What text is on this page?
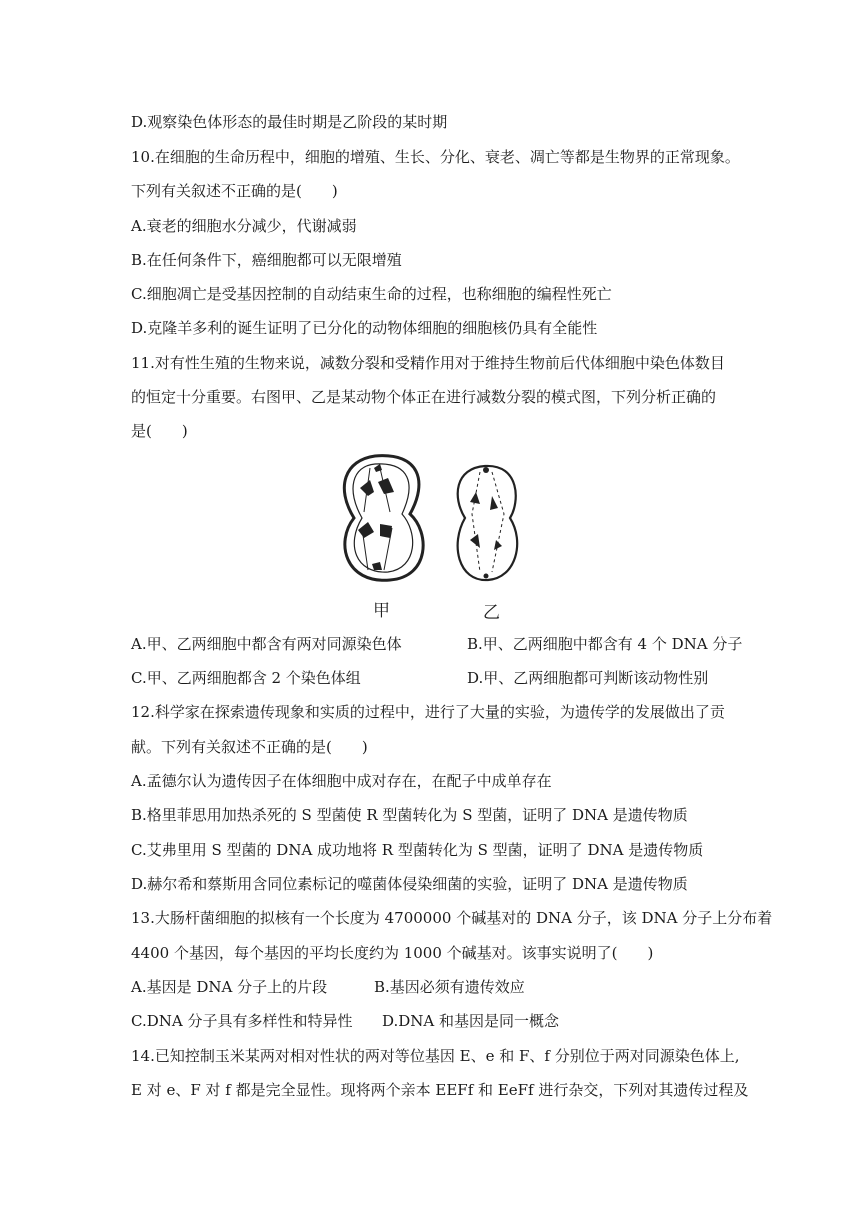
D.观察染色体形态的最佳时期是乙阶段的某时期
10.在细胞的生命历程中，细胞的增殖、生长、分化、衰老、凋亡等都是生物界的正常现象。
下列有关叙述不正确的是(　　)
A.衰老的细胞水分减少，代谢减弱
B.在任何条件下，癌细胞都可以无限增殖
C.细胞凋亡是受基因控制的自动结束生命的过程，也称细胞的编程性死亡
D.克隆羊多利的诞生证明了已分化的动物体细胞的细胞核仍具有全能性
11.对有性生殖的生物来说，减数分裂和受精作用对于维持生物前后代体细胞中染色体数目
的恒定十分重要。右图甲、乙是某动物个体正在进行减数分裂的模式图，下列分析正确的
是(　　)
甲	乙
A.甲、乙两细胞中都含有两对同源染色体	B.甲、乙两细胞中都含有 4 个 DNA 分子
C.甲、乙两细胞都含 2 个染色体组	D.甲、乙两细胞都可判断该动物性别
12.科学家在探索遗传现象和实质的过程中，进行了大量的实验，为遗传学的发展做出了贡
献。下列有关叙述不正确的是(　　)
A.孟德尔认为遗传因子在体细胞中成对存在，在配子中成单存在
B.格里菲思用加热杀死的 S 型菌使 R 型菌转化为 S 型菌，证明了 DNA 是遗传物质
C.艾弗里用 S 型菌的 DNA 成功地将 R 型菌转化为 S 型菌，证明了 DNA 是遗传物质
D.赫尔希和蔡斯用含同位素标记的噬菌体侵染细菌的实验，证明了 DNA 是遗传物质
13.大肠杆菌细胞的拟核有一个长度为 4700000 个碱基对的 DNA 分子，该 DNA 分子上分布着
4400 个基因，每个基因的平均长度约为 1000 个碱基对。该事实说明了(　　)
A.基因是 DNA 分子上的片段	B.基因必须有遗传效应
C.DNA 分子具有多样性和特异性 D.DNA 和基因是同一概念
14.已知控制玉米某两对相对性状的两对等位基因 E、e 和 F、f 分别位于两对同源染色体上,
E 对 e、F 对 f 都是完全显性。现将两个亲本 EEFf 和 EeFf 进行杂交，下列对其遗传过程及
